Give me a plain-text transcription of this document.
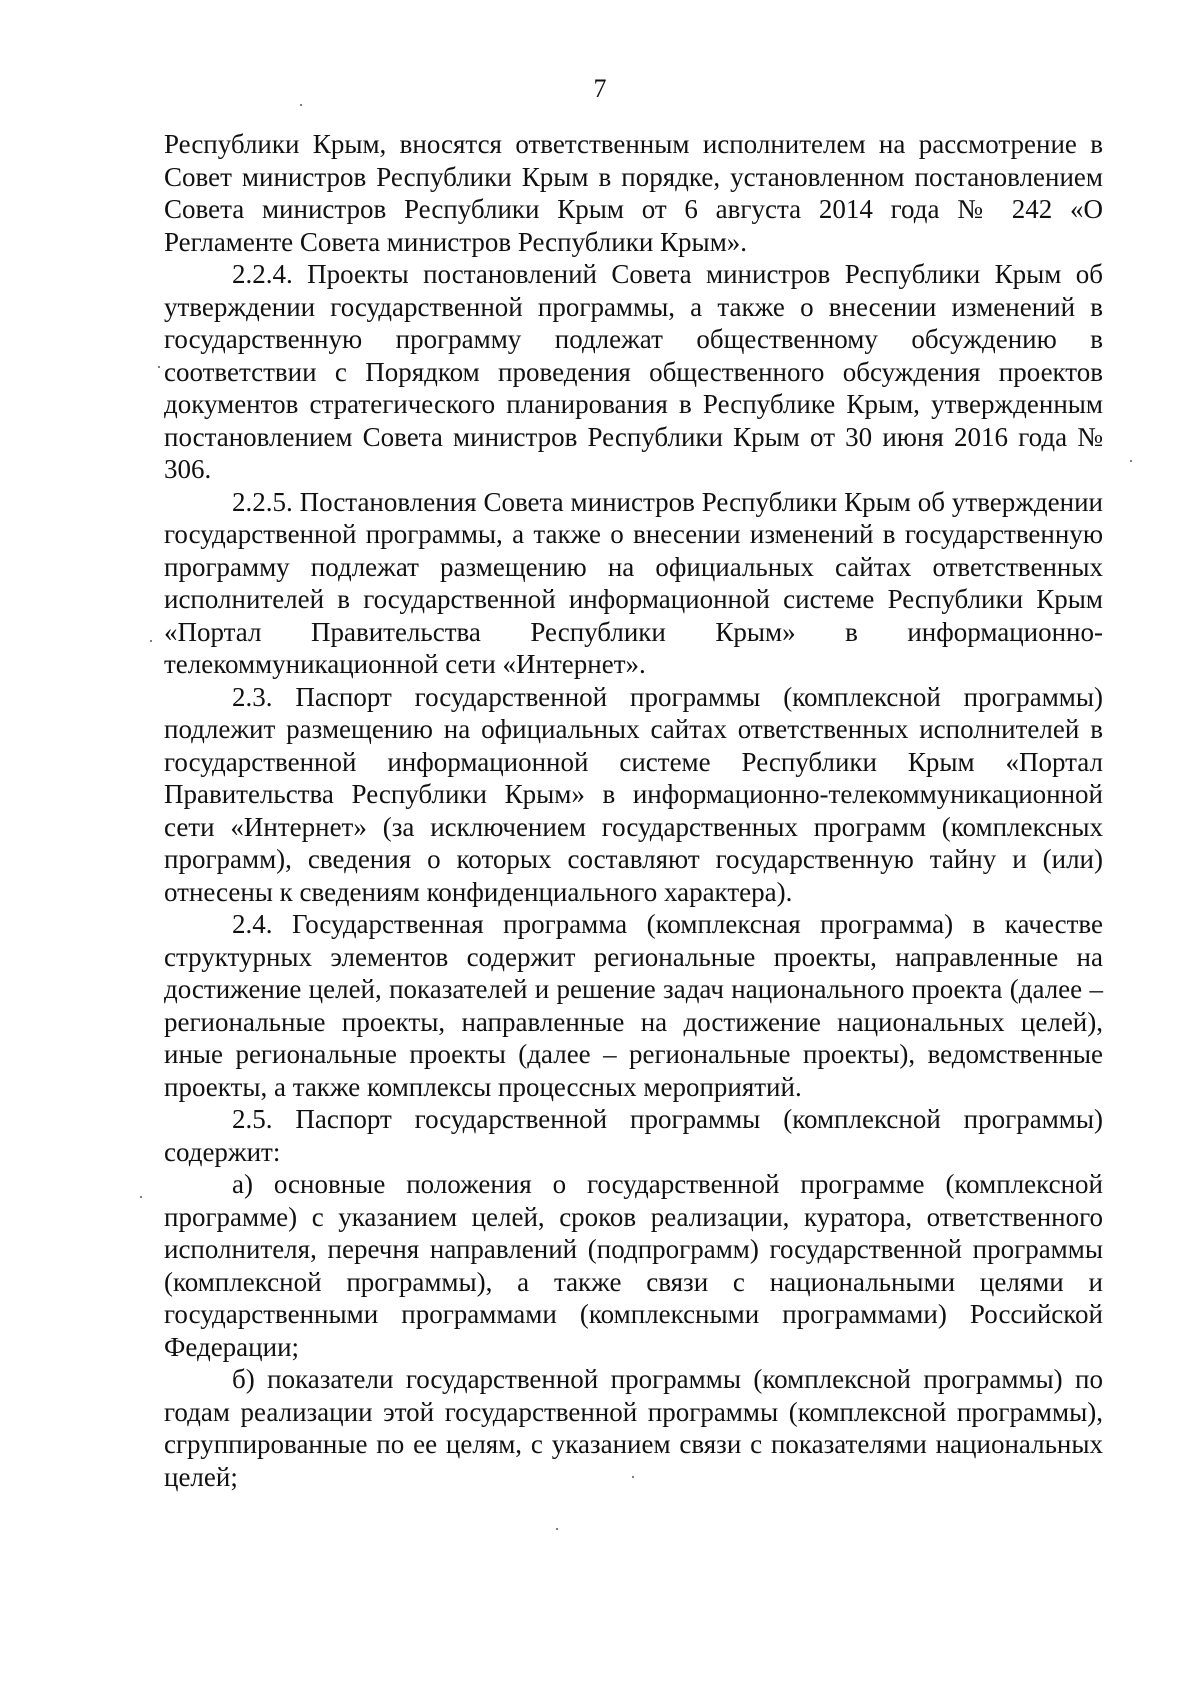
7

Республики Крым, вносятся ответственным исполнителем на рассмотрение в Совет министров Республики Крым в порядке, установленном постановлением Совета министров Республики Крым от 6 августа 2014 года № 242 «О Регламенте Совета министров Республики Крым».

2.2.4. Проекты постановлений Совета министров Республики Крым об утверждении государственной программы, а также о внесении изменений в государственную программу подлежат общественному обсуждению в соответствии с Порядком проведения общественного обсуждения проектов документов стратегического планирования в Республике Крым, утвержденным постановлением Совета министров Республики Крым от 30 июня 2016 года № 306.

2.2.5. Постановления Совета министров Республики Крым об утверждении государственной программы, а также о внесении изменений в государственную программу подлежат размещению на официальных сайтах ответственных исполнителей в государственной информационной системе Республики Крым «Портал Правительства Республики Крым» в информационно-телекоммуникационной сети «Интернет».

2.3. Паспорт государственной программы (комплексной программы) подлежит размещению на официальных сайтах ответственных исполнителей в государственной информационной системе Республики Крым «Портал Правительства Республики Крым» в информационно-телекоммуникационной сети «Интернет» (за исключением государственных программ (комплексных программ), сведения о которых составляют государственную тайну и (или) отнесены к сведениям конфиденциального характера).

2.4. Государственная программа (комплексная программа) в качестве структурных элементов содержит региональные проекты, направленные на достижение целей, показателей и решение задач национального проекта (далее – региональные проекты, направленные на достижение национальных целей), иные региональные проекты (далее – региональные проекты), ведомственные проекты, а также комплексы процессных мероприятий.

2.5. Паспорт государственной программы (комплексной программы) содержит:

а) основные положения о государственной программе (комплексной программе) с указанием целей, сроков реализации, куратора, ответственного исполнителя, перечня направлений (подпрограмм) государственной программы (комплексной программы), а также связи с национальными целями и государственными программами (комплексными программами) Российской Федерации;

б) показатели государственной программы (комплексной программы) по годам реализации этой государственной программы (комплексной программы), сгруппированные по ее целям, с указанием связи с показателями национальных целей;
